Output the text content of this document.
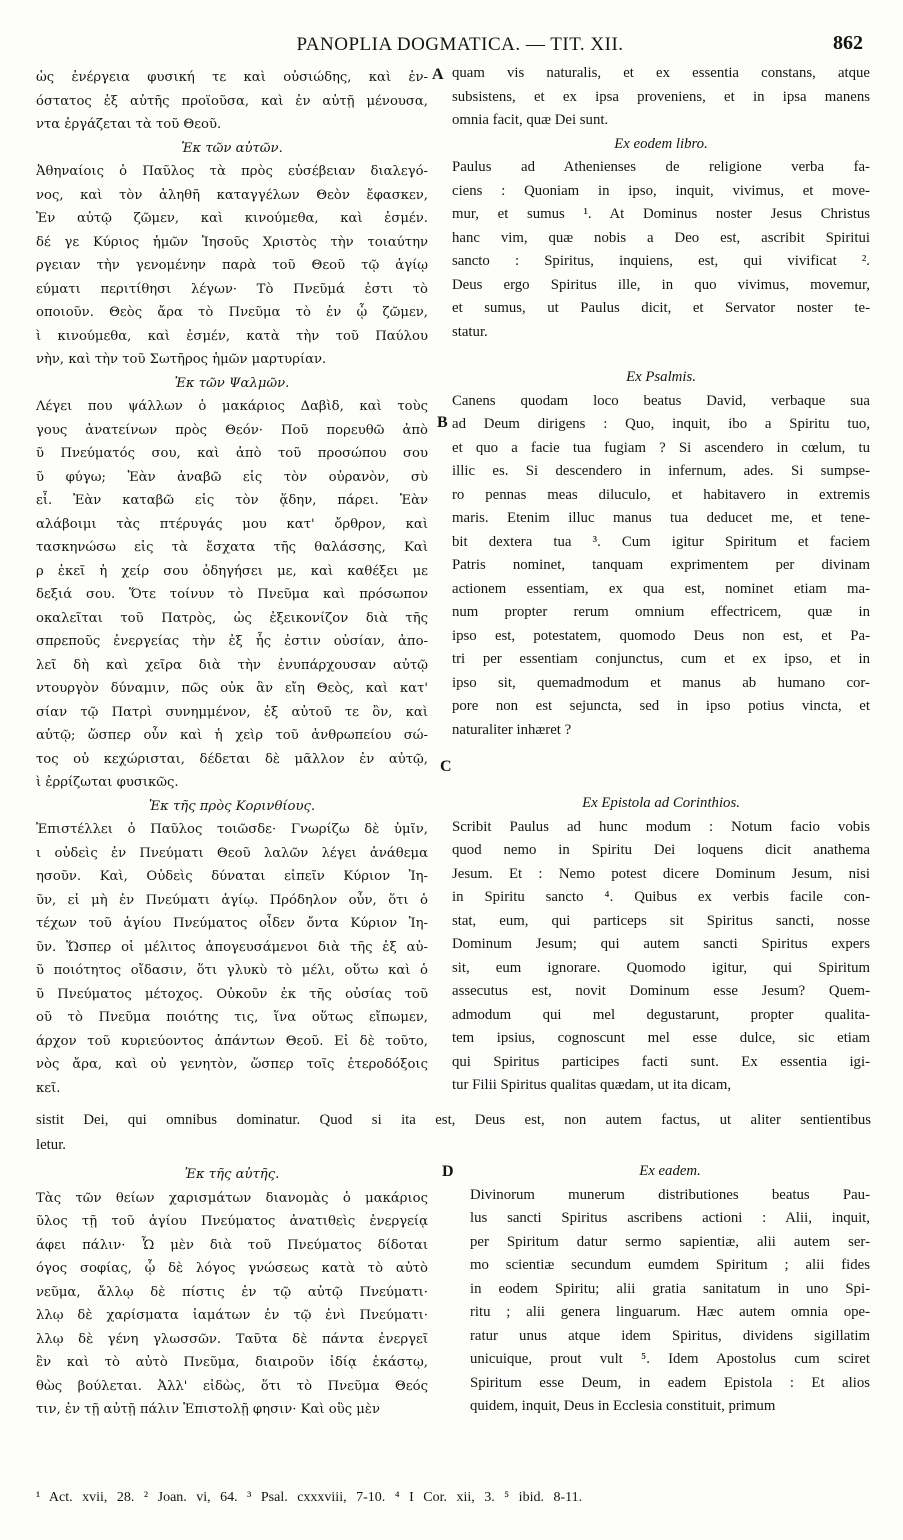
PANOPLIA DOGMATICA. — TIT. XII.	862
ὡς ἐνέργεια φυσική τε καὶ οὐσιώδης, καὶ ἐν-
όστατος ἐξ αὐτῆς προϊοῦσα, καὶ ἐν αὐτῇ μένουσα,
ντα ἐργάζεται τὰ τοῦ Θεοῦ.
Ἐκ τῶν αὐτῶν.
Ἀθηναίοις ὁ Παῦλος τὰ πρὸς εὐσέβειαν διαλεγό-
νος, καὶ τὸν ἀληθῆ καταγγέλων Θεὸν ἔφασκεν,
Ἐν αὐτῷ ζῶμεν, καὶ κινούμεθα, καὶ ἐσμέν.
δέ γε Κύριος ἡμῶν Ἰησοῦς Χριστὸς τὴν τοιαύτην
ργειαν τὴν γενομένην παρὰ τοῦ Θεοῦ τῷ ἁγίῳ
εύματι περιτίθησι λέγων· Τὸ Πνεῦμά ἐστι τὸ
οποιοῦν. Θεὸς ἄρα τὸ Πνεῦμα τὸ ἐν ᾧ ζῶμεν,
ὶ κινούμεθα, καὶ ἐσμέν, κατὰ τὴν τοῦ Παύλου
νὴν, καὶ τὴν τοῦ Σωτῆρος ἡμῶν μαρτυρίαν.
Ἐκ τῶν Ψαλμῶν.
Λέγει που ψάλλων ὁ μακάριος Δαβὶδ, καὶ τοὺς
γους ἀνατείνων πρὸς Θεόν· Ποῦ πορευθῶ ἀπὸ
ῦ Πνεύματός σου, καὶ ἀπὸ τοῦ προσώπου σου
ῦ φύγω; Ἐὰν ἀναβῶ εἰς τὸν οὐρανὸν, σὺ
εἶ. Ἐὰν καταβῶ εἰς τὸν ᾅδην, πάρει. Ἐὰν
αλάβοιμι τὰς πτέρυγάς μου κατ' ὄρθρον, καὶ
τασκηνώσω εἰς τὰ ἔσχατα τῆς θαλάσσης, Καὶ
ρ ἐκεῖ ἡ χείρ σου ὁδηγήσει με, καὶ καθέξει με
δεξιά σου. Ὅτε τοίνυν τὸ Πνεῦμα καὶ πρόσωπον
οκαλεῖται τοῦ Πατρὸς, ὡς ἐξεικονίζον διὰ τῆς
σπρεποῦς ἐνεργείας τὴν ἐξ ἧς ἐστιν οὐσίαν, ἀπο-
λεῖ δὴ καὶ χεῖρα διὰ τὴν ἐνυπάρχουσαν αὐτῷ
ντουργὸν δύναμιν, πῶς οὐκ ἂν εἴη Θεὸς, καὶ κατ'
σίαν τῷ Πατρὶ συνημμένον, ἐξ αὐτοῦ τε ὂν, καὶ
αὐτῷ; ὥσπερ οὖν καὶ ἡ χεὶρ τοῦ ἀνθρωπείου σώ-
τος οὐ κεχώρισται, δέδεται δὲ μᾶλλον ἐν αὐτῷ,
ὶ ἐρρίζωται φυσικῶς.
Ἐκ τῆς πρὸς Κορινθίους.
Ἐπιστέλλει ὁ Παῦλος τοιῶσδε· Γνωρίζω δὲ ὑμῖν,
ι οὐδεὶς ἐν Πνεύματι Θεοῦ λαλῶν λέγει ἀνάθεμα
ησοῦν. Καὶ, Οὐδεὶς δύναται εἰπεῖν Κύριον Ἰη-
ῦν, εἰ μὴ ἐν Πνεύματι ἁγίῳ. Πρόδηλον οὖν, ὅτι ὁ
τέχων τοῦ ἁγίου Πνεύματος οἶδεν ὄντα Κύριον Ἰη-
ῦν. Ὥσπερ οἱ μέλιτος ἀπογευσάμενοι διὰ τῆς ἐξ αὐ-
ῦ ποιότητος οἴδασιν, ὅτι γλυκὺ τὸ μέλι, οὕτω καὶ ὁ
ῦ Πνεύματος μέτοχος. Οὐκοῦν ἐκ τῆς οὐσίας τοῦ
οῦ τὸ Πνεῦμα ποιότης τις, ἵνα οὕτως εἴπωμεν,
άρχον τοῦ κυριεύοντος ἁπάντων Θεοῦ. Εἰ δὲ τοῦτο,
νὸς ἄρα, καὶ οὐ γενητὸν, ὥσπερ τοῖς ἑτεροδόξοις
κεῖ.
quam vis naturalis, et ex essentia constans, atque
subsistens, et ex ipsa proveniens, et in ipsa manens
omnia facit, quæ Dei sunt.
Ex eodem libro.
Paulus ad Athenienses de religione verba fa-
ciens : Quoniam in ipso, inquit, vivimus, et move-
mur, et sumus ¹. At Dominus noster Jesus Christus
hanc vim, quæ nobis a Deo est, ascribit Spiritui
sancto : Spiritus, inquiens, est, qui vivificat ².
Deus ergo Spiritus ille, in quo vivimus, movemur,
et sumus, ut Paulus dicit, et Servator noster te-
statur.
Ex Psalmis.
Canens quodam loco beatus David, verbaque sua
ad Deum dirigens : Quo, inquit, ibo a Spiritu tuo,
et quo a facie tua fugiam ? Si ascendero in cœlum, tu
illic es. Si descendero in infernum, ades. Si sumpse-
ro pennas meas diluculo, et habitavero in extremis
maris. Etenim illuc manus tua deducet me, et tene-
bit dextera tua ³. Cum igitur Spiritum et faciem
Patris nominet, tanquam exprimentem per divinam
actionem essentiam, ex qua est, nominet etiam ma-
num propter rerum omnium effectricem, quæ in
ipso est, potestatem, quomodo Deus non est, et Pa-
tri per essentiam conjunctus, cum et ex ipso, et in
ipso sit, quemadmodum et manus ab humano cor-
pore non est sejuncta, sed in ipso potius vincta, et
naturaliter inhæret ?
Ex Epistola ad Corinthios.
Scribit Paulus ad hunc modum : Notum facio vobis
quod nemo in Spiritu Dei loquens dicit anathema
Jesum. Et : Nemo potest dicere Dominum Jesum, nisi
in Spiritu sancto ⁴. Quibus ex verbis facile con-
stat, eum, qui particeps sit Spiritus sancti, nosse
Dominum Jesum; qui autem sancti Spiritus expers
sit, eum ignorare. Quomodo igitur, qui Spiritum
assecutus est, novit Dominum esse Jesum? Quem-
admodum qui mel degustarunt, propter qualita-
tem ipsius, cognoscunt mel esse dulce, sic etiam
qui Spiritus participes facti sunt. Ex essentia igi-
tur Filii Spiritus qualitas quædam, ut ita dicam,
A
B
C
D
sistit Dei, qui omnibus dominatur. Quod si ita est, Deus est, non autem factus, ut aliter sentientibus
letur.
Ἐκ τῆς αὐτῆς.
Τὰς τῶν θείων χαρισμάτων διανομὰς ὁ μακάριος
ῦλος τῇ τοῦ ἁγίου Πνεύματος ἀνατιθεὶς ἐνεργείᾳ
άφει πάλιν· Ὧ μὲν διὰ τοῦ Πνεύματος δίδοται
όγος σοφίας, ᾧ δὲ λόγος γνώσεως κατὰ τὸ αὐτὸ
νεῦμα, ἄλλῳ δὲ πίστις ἐν τῷ αὐτῷ Πνεύματι·
λλῳ δὲ χαρίσματα ἰαμάτων ἐν τῷ ἑνὶ Πνεύματι·
λλῳ δὲ γένη γλωσσῶν. Ταῦτα δὲ πάντα ἐνεργεῖ
ἓν καὶ τὸ αὐτὸ Πνεῦμα, διαιροῦν ἰδίᾳ ἑκάστῳ,
θὼς βούλεται. Ἀλλ' εἰδὼς, ὅτι τὸ Πνεῦμα Θεός
τιν, ἐν τῇ αὐτῇ πάλιν Ἐπιστολῇ φησιν· Καὶ οὓς μὲν
Ex eadem.
Divinorum munerum distributiones beatus Pau-
lus sancti Spiritus ascribens actioni : Alii, inquit,
per Spiritum datur sermo sapientiæ, alii autem ser-
mo scientiæ secundum eumdem Spiritum ; alii fides
in eodem Spiritu; alii gratia sanitatum in uno Spi-
ritu ; alii genera linguarum. Hæc autem omnia ope-
ratur unus atque idem Spiritus, dividens sigillatim
unicuique, prout vult ⁵. Idem Apostolus cum sciret
Spiritum esse Deum, in eadem Epistola : Et alios
quidem, inquit, Deus in Ecclesia constituit, primum
¹ Act. xvii, 28. ² Joan. vi, 64. ³ Psal. cxxxviii, 7-10. ⁴ I Cor. xii, 3. ⁵ ibid. 8-11.
